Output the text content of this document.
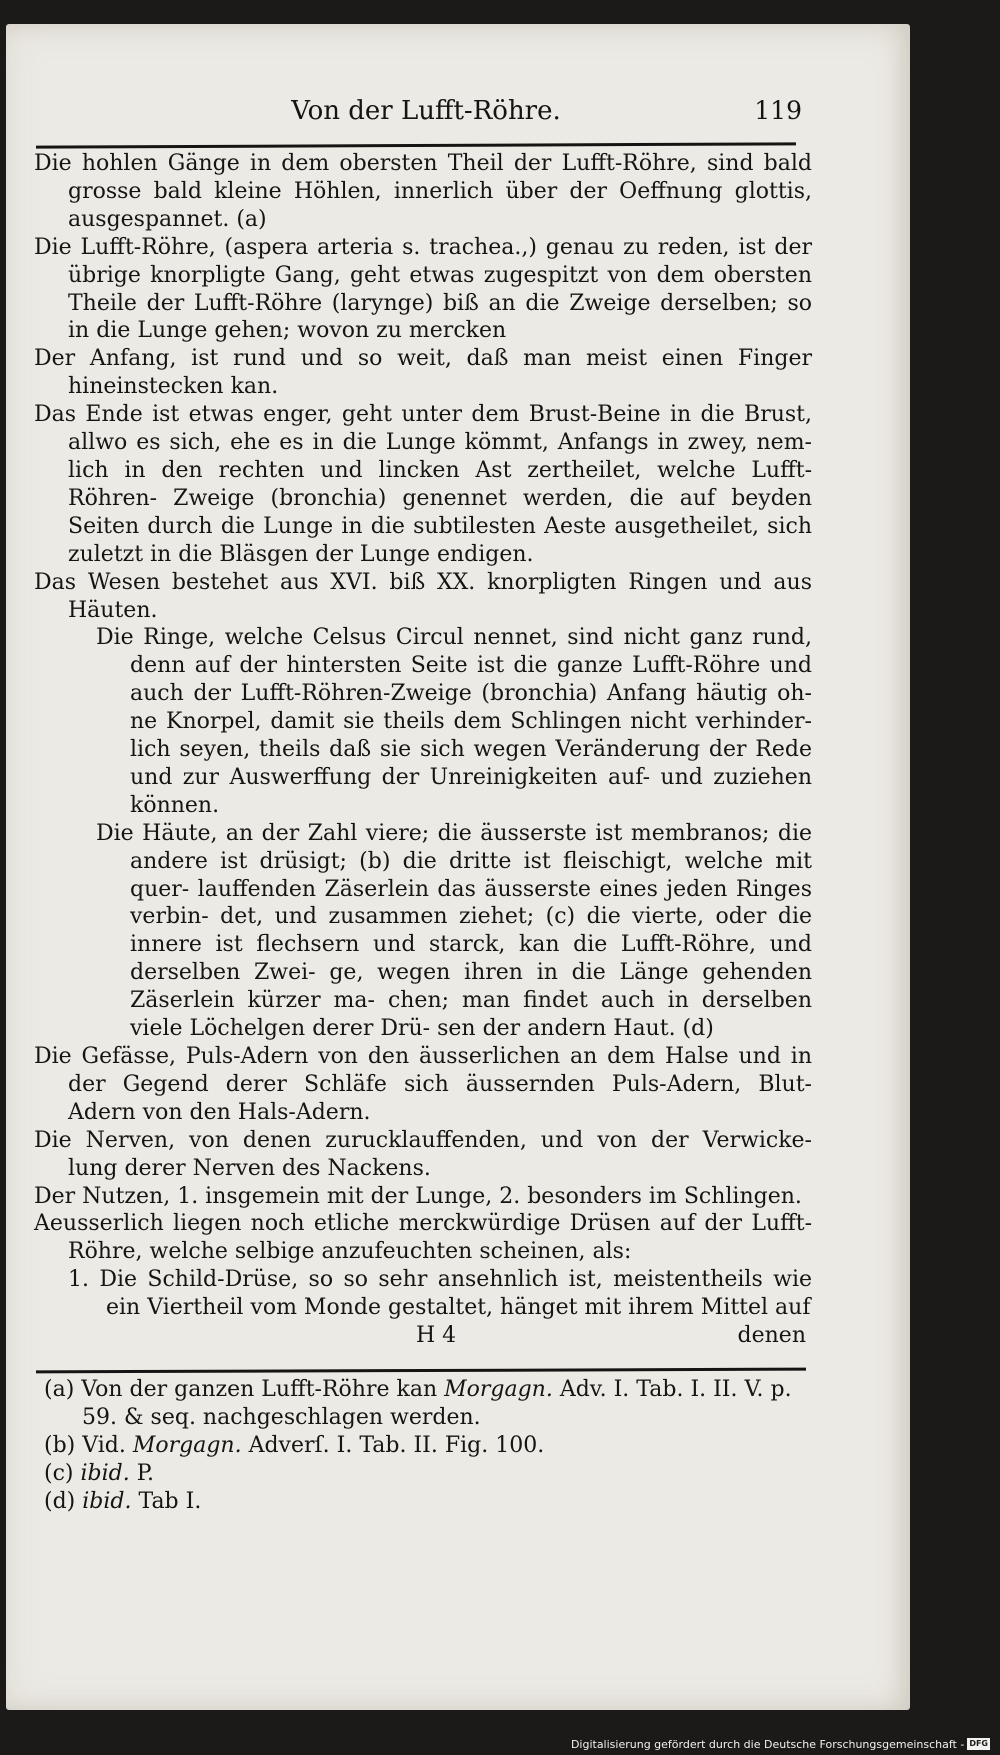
Von der Lufft-Röhre.	119

Die hohlen Gänge in dem obersten Theil der Lufft-Röhre, sind bald grosse bald kleine Höhlen, innerlich über der Oeffnung glottis, ausgespannet. (a)

Die Lufft-Röhre, (aspera arteria s. trachea.,) genau zu reden, ist der übrige knorpligte Gang, geht etwas zugespitzt von dem obersten Theile der Lufft-Röhre (larynge) biß an die Zweige derselben; so in die Lunge gehen; wovon zu mercken

Der Anfang, ist rund und so weit, daß man meist einen Finger hineinstecken kan.

Das Ende ist etwas enger, geht unter dem Brust-Beine in die Brust, allwo es sich, ehe es in die Lunge kömmt, Anfangs in zwey, nem- lich in den rechten und lincken Ast zertheilet, welche Lufft-Röhren- Zweige (bronchia) genennet werden, die auf beyden Seiten durch die Lunge in die subtilesten Aeste ausgetheilet, sich zuletzt in die Bläsgen der Lunge endigen.

Das Wesen bestehet aus XVI. biß XX. knorpligten Ringen und aus Häuten.

Die Ringe, welche Celsus Circul nennet, sind nicht ganz rund, denn auf der hintersten Seite ist die ganze Lufft-Röhre und auch der Lufft-Röhren-Zweige (bronchia) Anfang häutig oh- ne Knorpel, damit sie theils dem Schlingen nicht verhinder- lich seyen, theils daß sie sich wegen Veränderung der Rede und zur Auswerffung der Unreinigkeiten auf- und zuziehen können.

Die Häute, an der Zahl viere; die äusserste ist membranos; die andere ist drüsigt; (b) die dritte ist fleischigt, welche mit quer- lauffenden Zäserlein das äusserste eines jeden Ringes verbin- det, und zusammen ziehet; (c) die vierte, oder die innere ist flechsern und starck, kan die Lufft-Röhre, und derselben Zwei- ge, wegen ihren in die Länge gehenden Zäserlein kürzer ma- chen; man findet auch in derselben viele Löchelgen derer Drü- sen der andern Haut. (d)

Die Gefässe, Puls-Adern von den äusserlichen an dem Halse und in der Gegend derer Schläfe sich äussernden Puls-Adern, Blut- Adern von den Hals-Adern.

Die Nerven, von denen zurucklauffenden, und von der Verwicke- lung derer Nerven des Nackens.

Der Nutzen, 1. insgemein mit der Lunge, 2. besonders im Schlingen.

Aeusserlich liegen noch etliche merckwürdige Drüsen auf der Lufft- Röhre, welche selbige anzufeuchten scheinen, als:

1. Die Schild-Drüse, so so sehr ansehnlich ist, meistentheils wie ein Viertheil vom Monde gestaltet, hänget mit ihrem Mittel auf

H 4	denen

(a) Von der ganzen Lufft-Röhre kan Morgagn. Adv. I. Tab. I. II. V. p. 59. & seq. nachgeschlagen werden.

(b) Vid. Morgagn. Adverſ. I. Tab. II. Fig. 100.

(c) ibid. P.

(d) ibid. Tab I.

Digitalisierung gefördert durch die Deutsche Forschungsgemeinschaft - DFG
